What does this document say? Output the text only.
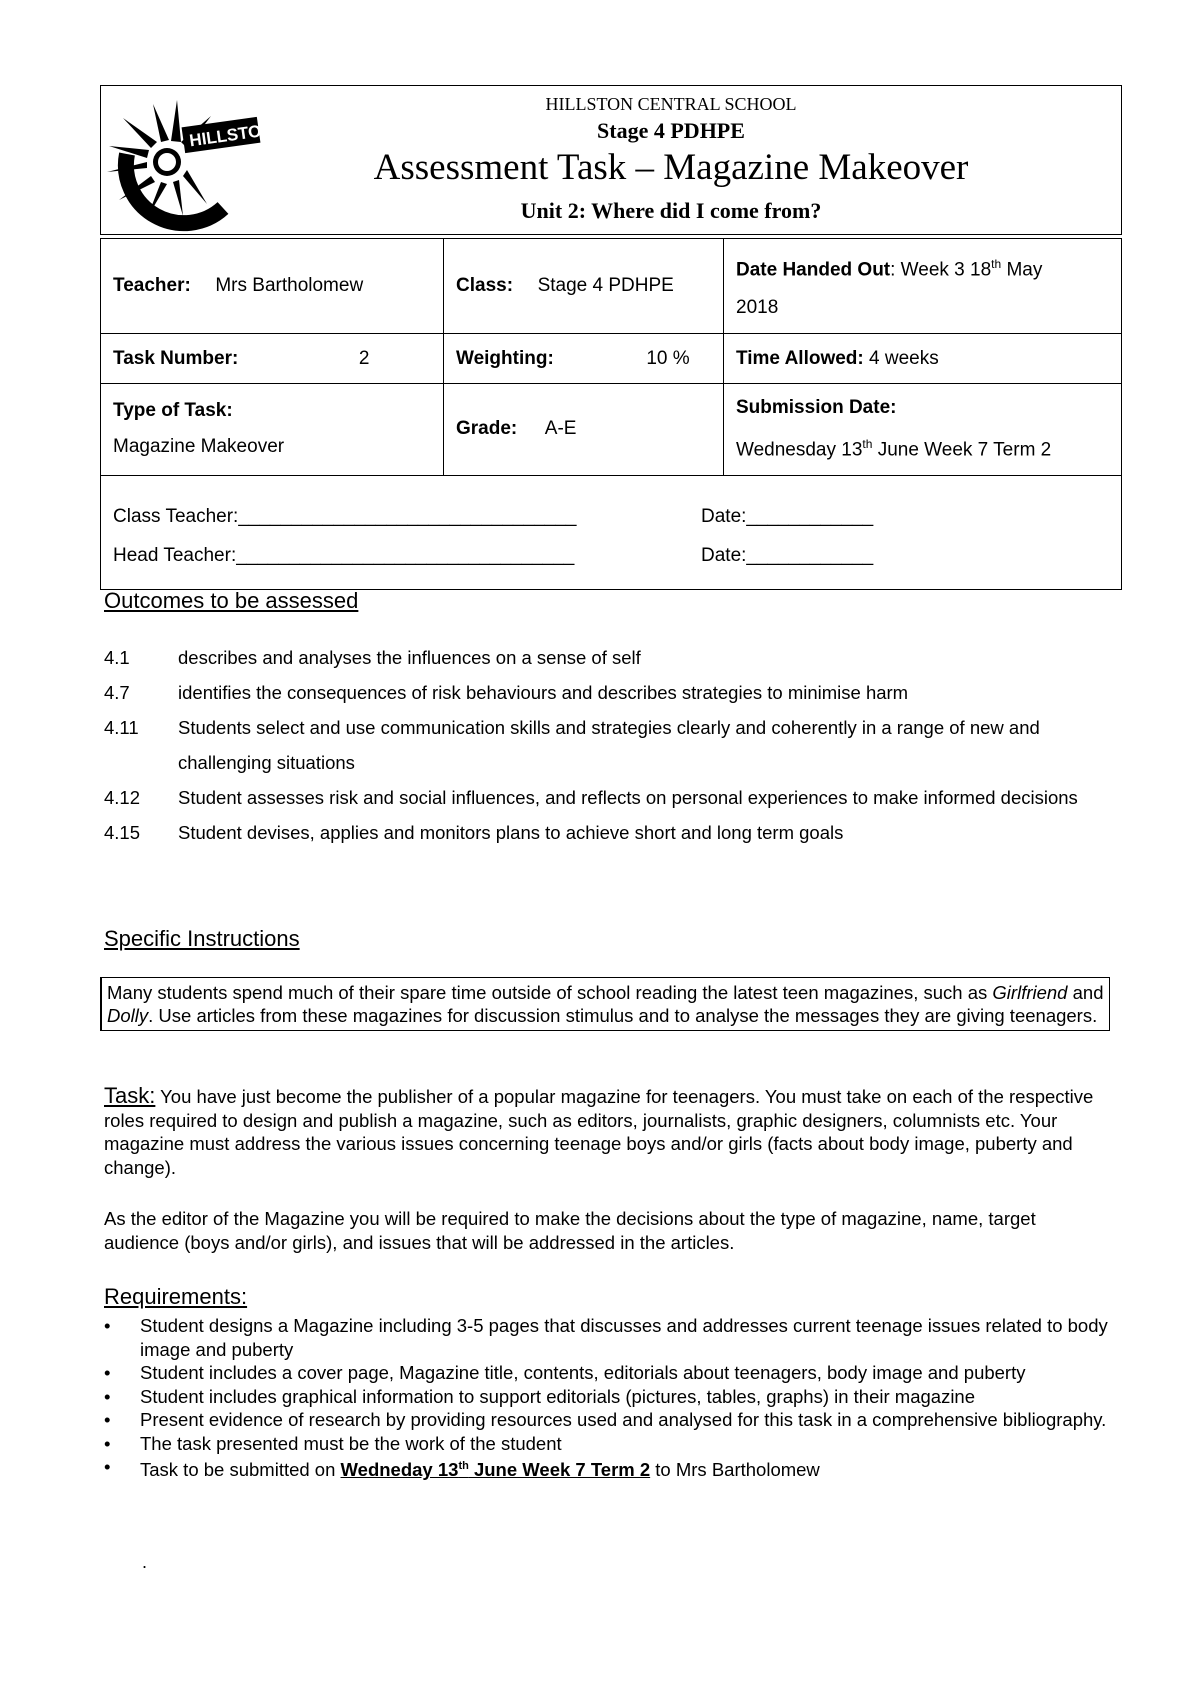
HILLSTON
HILLSTON CENTRAL SCHOOL
Stage 4 PDHPE
Assessment Task – Magazine Makeover
Unit 2: Where did I come from?
Teacher: Mrs Bartholomew	Class: Stage 4 PDHPE	Date Handed Out: Week 3 18th May
2018
Task Number: 2	Weighting: 10 %	Time Allowed: 4 weeks
Type of Task:
Magazine Makeover	Grade: A-E	Submission Date:
Wednesday 13th June Week 7 Term 2
Class Teacher:________________________________ Date:____________
Head Teacher:________________________________ Date:____________		
Outcomes to be assessed
4.1	describes and analyses the influences on a sense of self
4.7	identifies the consequences of risk behaviours and describes strategies to minimise harm
4.11	Students select and use communication skills and strategies clearly and coherently in a range of new and challenging situations
4.12	Student assesses risk and social influences, and reflects on personal experiences to make informed decisions
4.15	Student devises, applies and monitors plans to achieve short and long term goals
Specific Instructions
Many students spend much of their spare time outside of school reading the latest teen magazines, such as Girlfriend and Dolly. Use articles from these magazines for discussion stimulus and to analyse the messages they are giving teenagers.
Task: You have just become the publisher of a popular magazine for teenagers. You must take on each of the respective roles required to design and publish a magazine, such as editors, journalists, graphic designers, columnists etc. Your magazine must address the various issues concerning teenage boys and/or girls (facts about body image, puberty and change).
As the editor of the Magazine you will be required to make the decisions about the type of magazine, name, target audience (boys and/or girls), and issues that will be addressed in the articles.
Requirements:
•	Student designs a Magazine including 3-5 pages that discusses and addresses current teenage issues related to body image and puberty
•	Student includes a cover page, Magazine title, contents, editorials about teenagers, body image and puberty
•	Student includes graphical information to support editorials (pictures, tables, graphs) in their magazine
•	Present evidence of research by providing resources used and analysed for this task in a comprehensive bibliography.
•	The task presented must be the work of the student
•	Task to be submitted on Wedneday 13th June Week 7 Term 2 to Mrs Bartholomew
.
